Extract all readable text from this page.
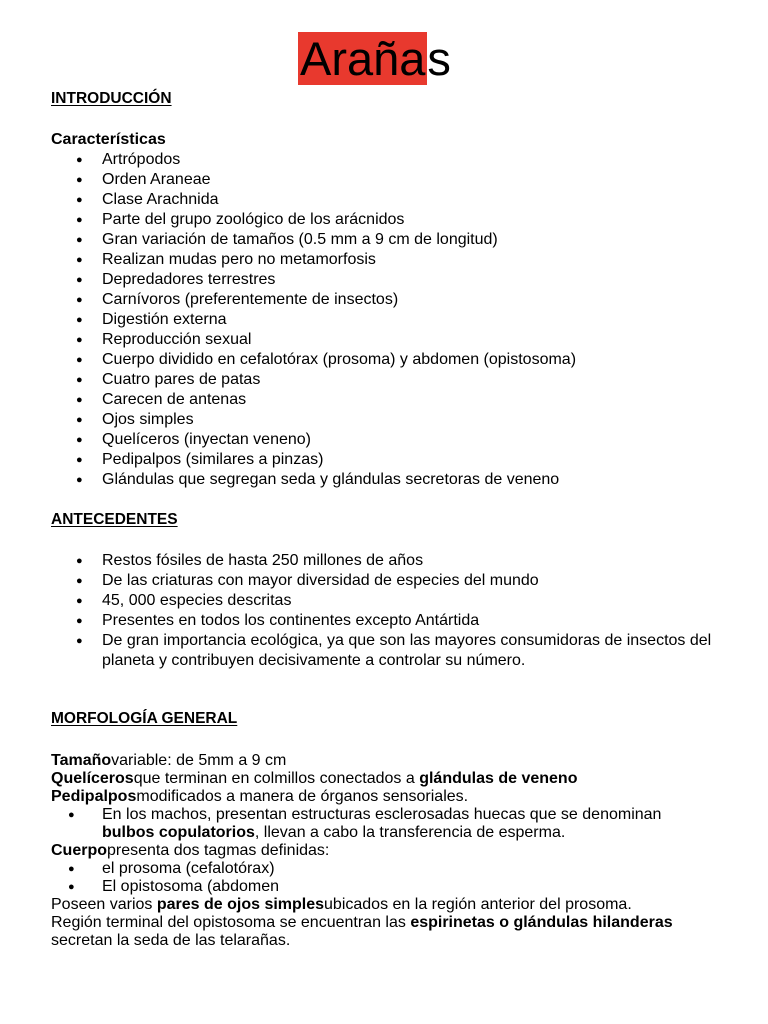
Arañas
INTRODUCCIÓN
Características
● Artrópodos
● Orden Araneae
● Clase Arachnida
● Parte del grupo zoológico de los arácnidos
● Gran variación de tamaños (0.5 mm a 9 cm de longitud)
● Realizan mudas pero no metamorfosis
● Depredadores terrestres
● Carnívoros (preferentemente de insectos)
● Digestión externa
● Reproducción sexual
● Cuerpo dividido en cefalotórax (prosoma) y abdomen (opistosoma)
● Cuatro pares de patas
● Carecen de antenas
● Ojos simples
● Quelíceros (inyectan veneno)
● Pedipalpos (similares a pinzas)
● Glándulas que segregan seda y glándulas secretoras de veneno
ANTECEDENTES
● Restos fósiles de hasta 250 millones de años
● De las criaturas con mayor diversidad de especies del mundo
● 45, 000 especies descritas
● Presentes en todos los continentes excepto Antártida
● De gran importancia ecológica, ya que son las mayores consumidoras de insectos del planeta y contribuyen decisivamente a controlar su número.
MORFOLOGÍA GENERAL
Tamañovariable: de 5mm a 9 cm
Quelícerosque terminan en colmillos conectados a glándulas de veneno
Pedipalposmodificados a manera de órganos sensoriales.
● En los machos, presentan estructuras esclerosadas huecas que se denominan
bulbos copulatorios, llevan a cabo la transferencia de esperma.
Cuerpopresenta dos tagmas definidas:
● el prosoma (cefalotórax)
● El opistosoma (abdomen
Poseen varios pares de ojos simplesubicados en la región anterior del prosoma.
Región terminal del opistosoma se encuentran las espirinetas o glándulas hilanderas
secretan la seda de las telarañas.
